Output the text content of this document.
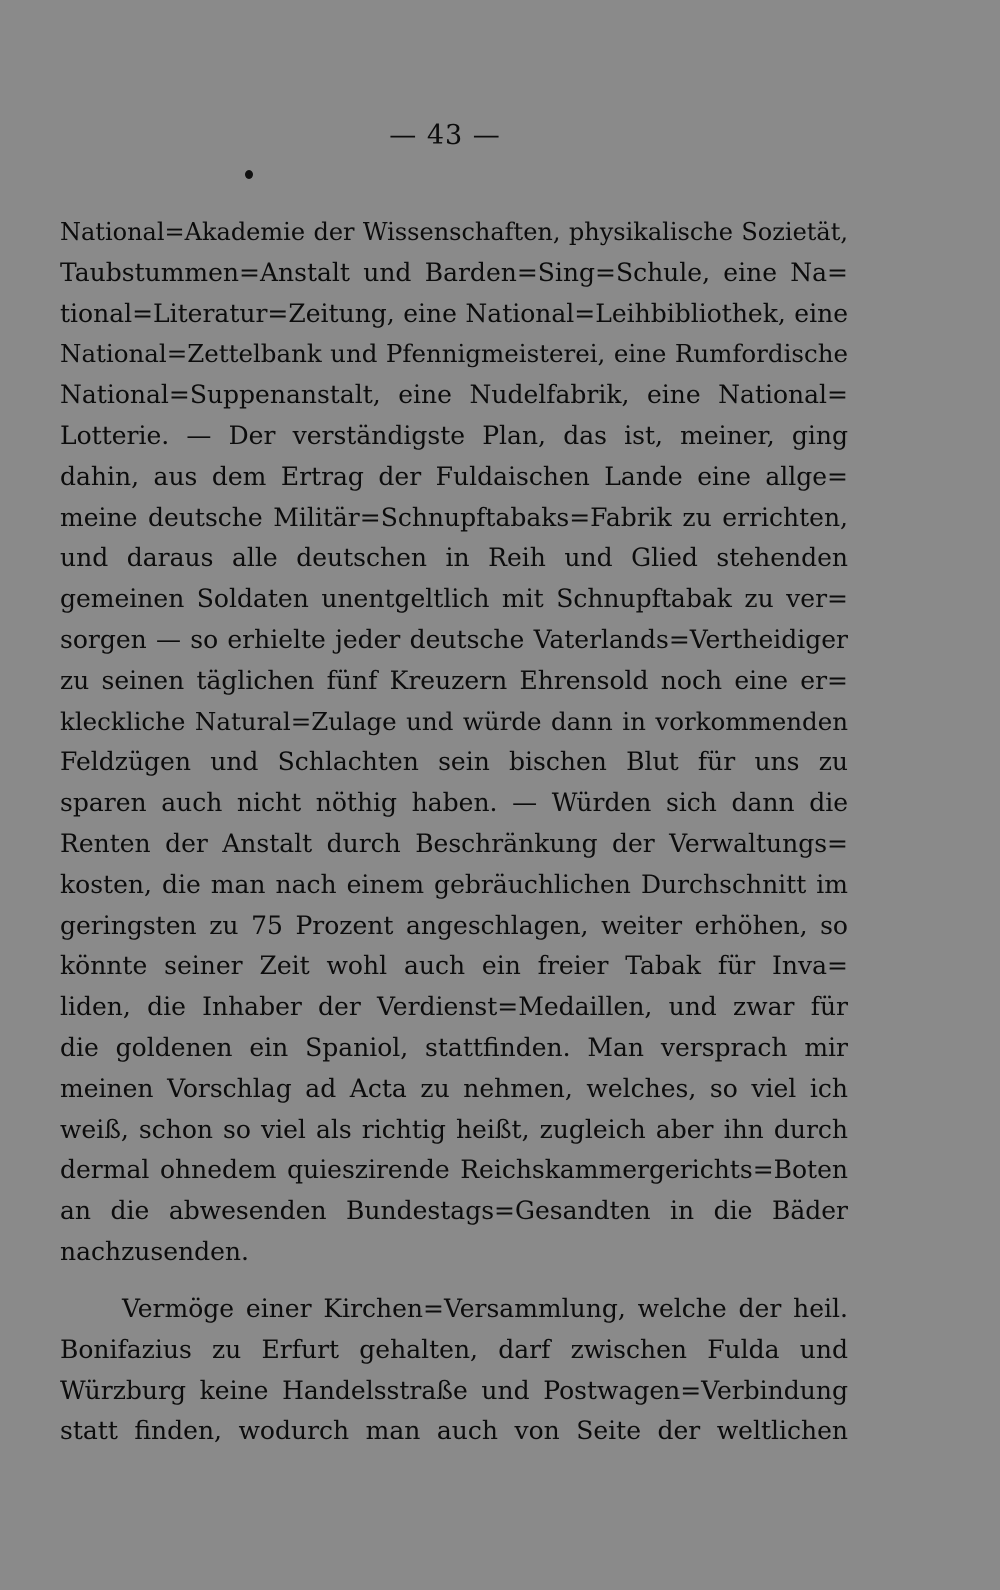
— 43 —
National=Akademie der Wissenschaften, physikalische Sozietät,
Taubstummen=Anstalt und Barden=Sing=Schule, eine Na=
tional=Literatur=Zeitung, eine National=Leihbibliothek, eine
National=Zettelbank und Pfennigmeisterei, eine Rumfordische
National=Suppenanstalt, eine Nudelfabrik, eine National=
Lotterie. — Der verständigste Plan, das ist, meiner, ging
dahin, aus dem Ertrag der Fuldaischen Lande eine allge=
meine deutsche Militär=Schnupftabaks=Fabrik zu errichten,
und daraus alle deutschen in Reih und Glied stehenden
gemeinen Soldaten unentgeltlich mit Schnupftabak zu ver=
sorgen — so erhielte jeder deutsche Vaterlands=Vertheidiger
zu seinen täglichen fünf Kreuzern Ehrensold noch eine er=
kleckliche Natural=Zulage und würde dann in vorkommenden
Feldzügen und Schlachten sein bischen Blut für uns zu
sparen auch nicht nöthig haben. — Würden sich dann die
Renten der Anstalt durch Beschränkung der Verwaltungs=
kosten, die man nach einem gebräuchlichen Durchschnitt im
geringsten zu 75 Prozent angeschlagen, weiter erhöhen, so
könnte seiner Zeit wohl auch ein freier Tabak für Inva=
liden, die Inhaber der Verdienst=Medaillen, und zwar für
die goldenen ein Spaniol, stattfinden. Man versprach mir
meinen Vorschlag ad Acta zu nehmen, welches, so viel ich
weiß, schon so viel als richtig heißt, zugleich aber ihn durch
dermal ohnedem quieszirende Reichskammergerichts=Boten
an die abwesenden Bundestags=Gesandten in die Bäder
nachzusenden.
Vermöge einer Kirchen=Versammlung, welche der heil.
Bonifazius zu Erfurt gehalten, darf zwischen Fulda und
Würzburg keine Handelsstraße und Postwagen=Verbindung
statt finden, wodurch man auch von Seite der weltlichen
